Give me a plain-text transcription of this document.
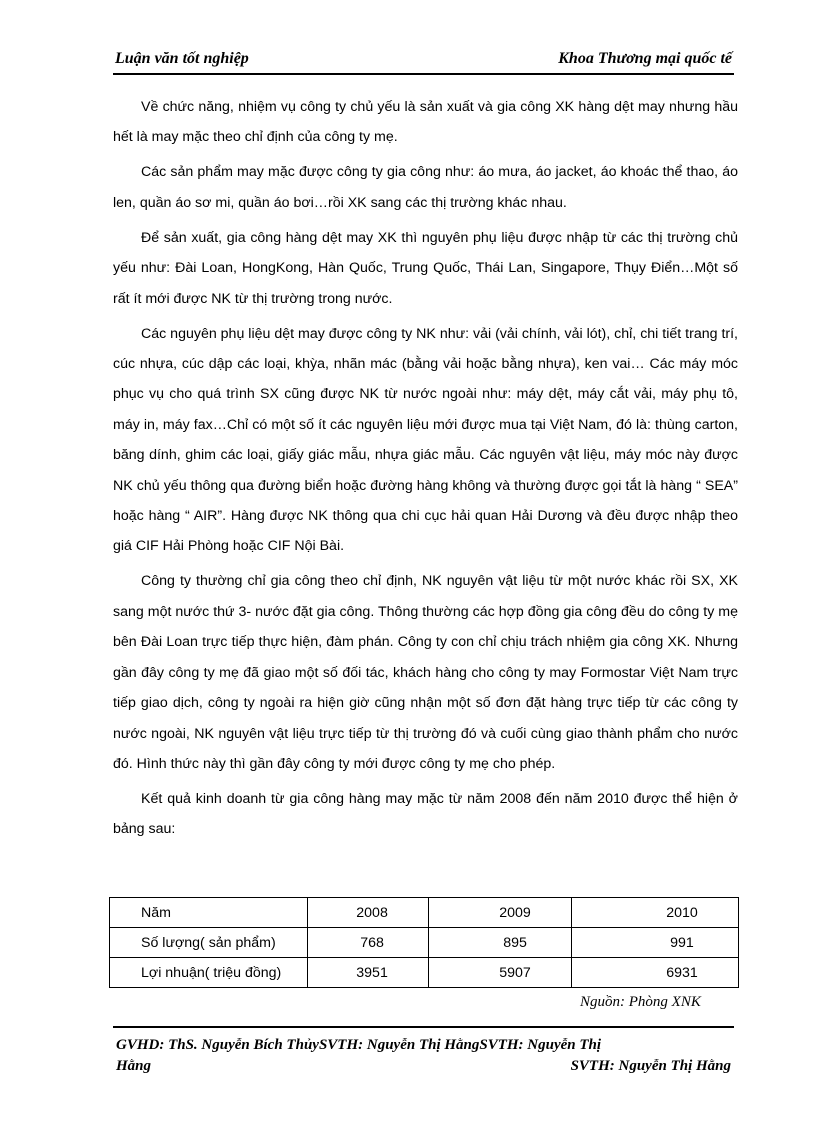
Luận văn tốt nghiệp	Khoa Thương mại quốc tế

Về chức năng, nhiệm vụ công ty chủ yếu là sản xuất và gia công XK hàng dệt may nhưng hầu hết là may mặc theo chỉ định của công ty mẹ.

Các sản phẩm may mặc được công ty gia công như: áo mưa, áo jacket, áo khoác thể thao, áo len, quần áo sơ mi, quần áo bơi…rồi XK sang các thị trường khác nhau.

Để sản xuất, gia công hàng dệt may XK thì nguyên phụ liệu được nhập từ các thị trường chủ yếu như: Đài Loan, HongKong, Hàn Quốc, Trung Quốc, Thái Lan, Singapore, Thụy Điển…Một số rất ít mới được NK từ thị trường trong nước.

Các nguyên phụ liệu dệt may được công ty NK như: vải (vải chính, vải lót), chỉ, chi tiết trang trí, cúc nhựa, cúc dập các loại, khỳa, nhãn mác (bằng vải hoặc bằng nhựa), ken vai… Các máy móc phục vụ cho quá trình SX cũng được NK từ nước ngoài như: máy dệt, máy cắt vải, máy phụ tô, máy in, máy fax…Chỉ có một số ít các nguyên liệu mới được mua tại Việt Nam, đó là: thùng carton, băng dính, ghim các loại, giấy giác mẫu, nhựa giác mẫu. Các nguyên vật liệu, máy móc này được NK chủ yếu thông qua đường biển hoặc đường hàng không và thường được gọi tắt là hàng “ SEA” hoặc hàng “ AIR”. Hàng được NK thông qua chi cục hải quan Hải Dương và đều được nhập theo giá CIF Hải Phòng hoặc CIF Nội Bài.

Công ty thường chỉ gia công theo chỉ định, NK nguyên vật liệu từ một nước khác rồi SX, XK sang một nước thứ 3- nước đặt gia công. Thông thường các hợp đồng gia công đều do công ty mẹ bên Đài Loan trực tiếp thực hiện, đàm phán. Công ty con chỉ chịu trách nhiệm gia công XK. Nhưng gần đây công ty mẹ đã giao một số đối tác, khách hàng cho công ty may Formostar Việt Nam trực tiếp giao dịch, công ty ngoài ra hiện giờ cũng nhận một số đơn đặt hàng trực tiếp từ các công ty nước ngoài, NK nguyên vật liệu trực tiếp từ thị trường đó và cuối cùng giao thành phẩm cho nước đó. Hình thức này thì gần đây công ty mới được công ty mẹ cho phép.

Kết quả kinh doanh từ gia công hàng may mặc từ năm 2008 đến năm 2010 được thể hiện ở bảng sau:

Năm	2008	2009	2010
Số lượng( sản phẩm)	768	895	991
Lợi nhuận( triệu đồng)	3951	5907	6931
Nguồn: Phòng XNK
GVHD: ThS. Nguyễn Bích ThủySVTH: Nguyễn Thị HằngSVTH: Nguyễn Thị
Hằng	SVTH: Nguyễn Thị Hằng
